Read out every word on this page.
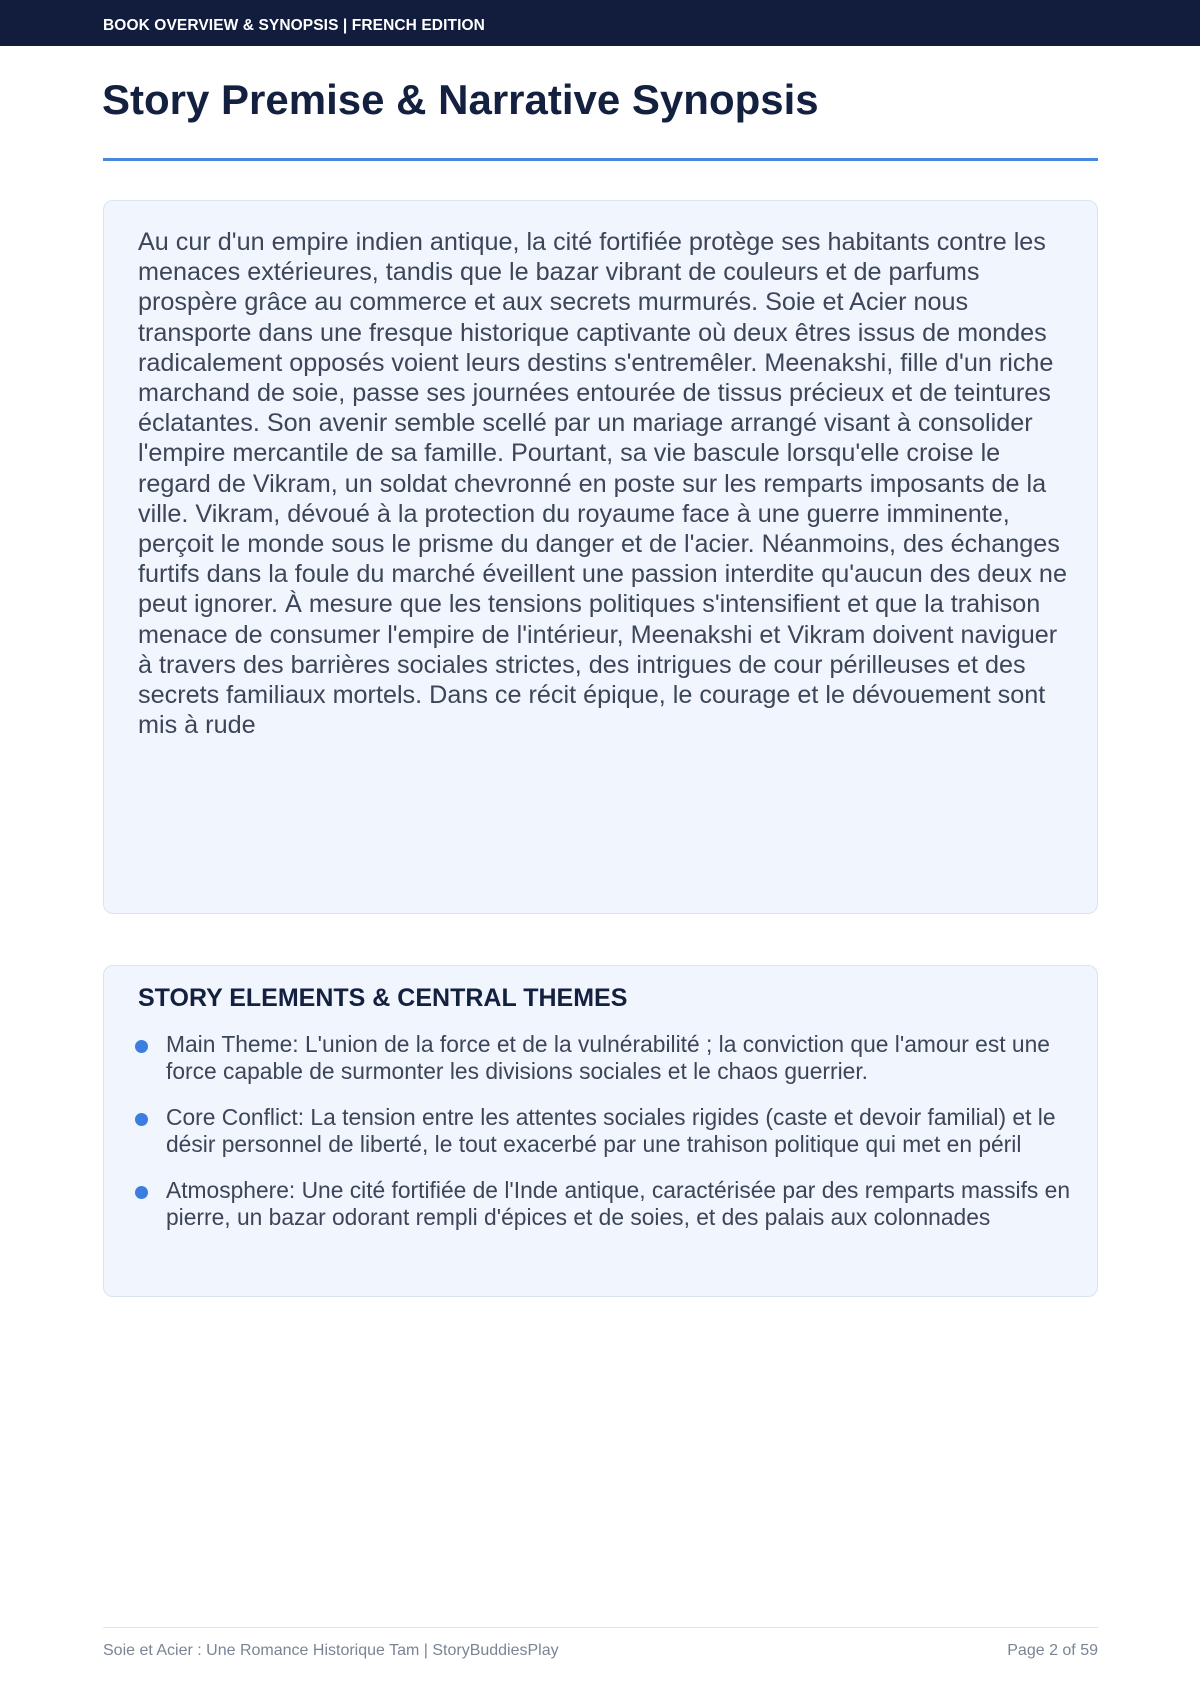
BOOK OVERVIEW & SYNOPSIS | FRENCH EDITION
Story Premise & Narrative Synopsis

Au cur d'un empire indien antique, la cité fortifiée protège ses habitants contre les menaces extérieures, tandis que le bazar vibrant de couleurs et de parfums prospère grâce au commerce et aux secrets murmurés. Soie et Acier nous transporte dans une fresque historique captivante où deux êtres issus de mondes radicalement opposés voient leurs destins s'entremêler. Meenakshi, fille d'un riche marchand de soie, passe ses journées entourée de tissus précieux et de teintures éclatantes. Son avenir semble scellé par un mariage arrangé visant à consolider l'empire mercantile de sa famille. Pourtant, sa vie bascule lorsqu'elle croise le regard de Vikram, un soldat chevronné en poste sur les remparts imposants de la ville. Vikram, dévoué à la protection du royaume face à une guerre imminente, perçoit le monde sous le prisme du danger et de l'acier. Néanmoins, des échanges furtifs dans la foule du marché éveillent une passion interdite qu'aucun des deux ne peut ignorer. À mesure que les tensions politiques s'intensifient et que la trahison menace de consumer l'empire de l'intérieur, Meenakshi et Vikram doivent naviguer à travers des barrières sociales strictes, des intrigues de cour périlleuses et des secrets familiaux mortels. Dans ce récit épique, le courage et le dévouement sont mis à rude

STORY ELEMENTS & CENTRAL THEMES
Main Theme: L'union de la force et de la vulnérabilité ; la conviction que l'amour est une force capable de surmonter les divisions sociales et le chaos guerrier.
Core Conflict: La tension entre les attentes sociales rigides (caste et devoir familial) et le désir personnel de liberté, le tout exacerbé par une trahison politique qui met en péril
Atmosphere: Une cité fortifiée de l'Inde antique, caractérisée par des remparts massifs en pierre, un bazar odorant rempli d'épices et de soies, et des palais aux colonnades
Soie et Acier : Une Romance Historique Tam | StoryBuddiesPlay	Page 2 of 59
